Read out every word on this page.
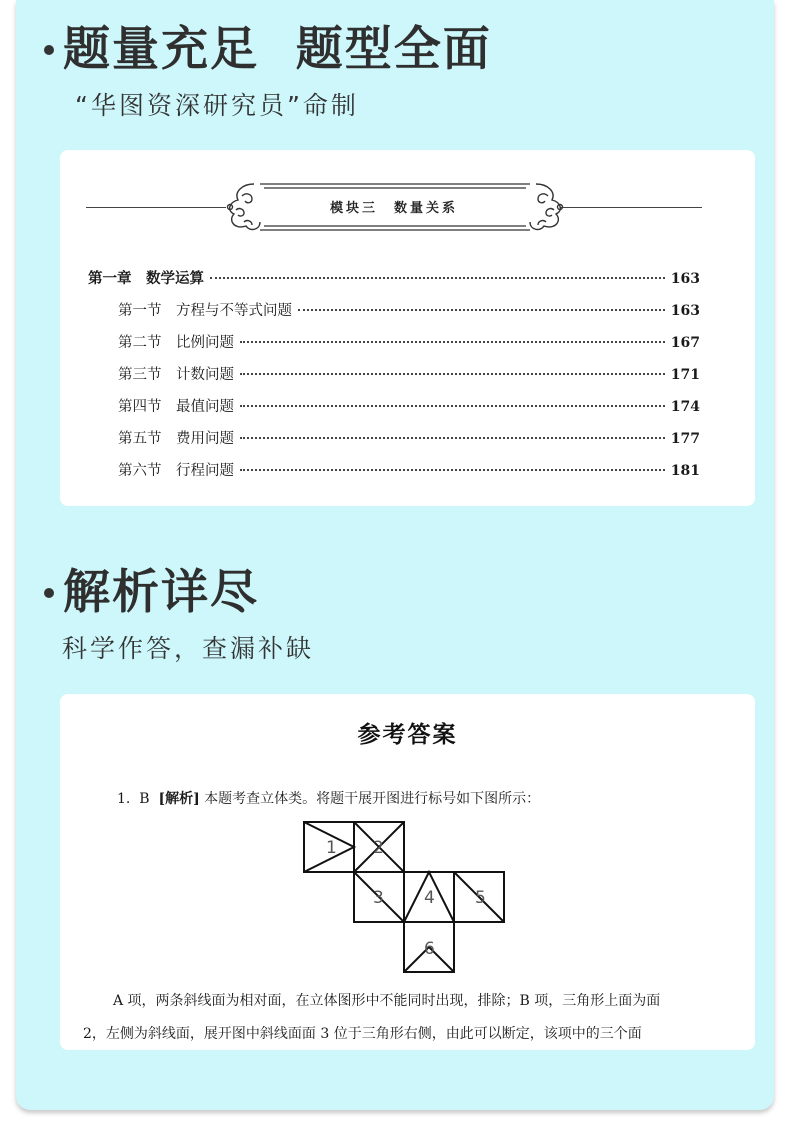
题量充足  题型全面
“华图资深研究员”命制
模块三　数量关系
第一章　数学运算	163
第一节　方程与不等式问题	163
第二节　比例问题	167
第三节　计数问题	171
第四节　最值问题	174
第五节　费用问题	177
第六节　行程问题	181
解析详尽
科学作答，查漏补缺
参考答案
1. B [解析] 本题考查立体类。将题干展开图进行标号如下图所示：
1 2
3 4 5
6
A 项，两条斜线面为相对面，在立体图形中不能同时出现，排除；B 项，三角形上面为面
2，左侧为斜线面，展开图中斜线面面 3 位于三角形右侧，由此可以断定，该项中的三个面
